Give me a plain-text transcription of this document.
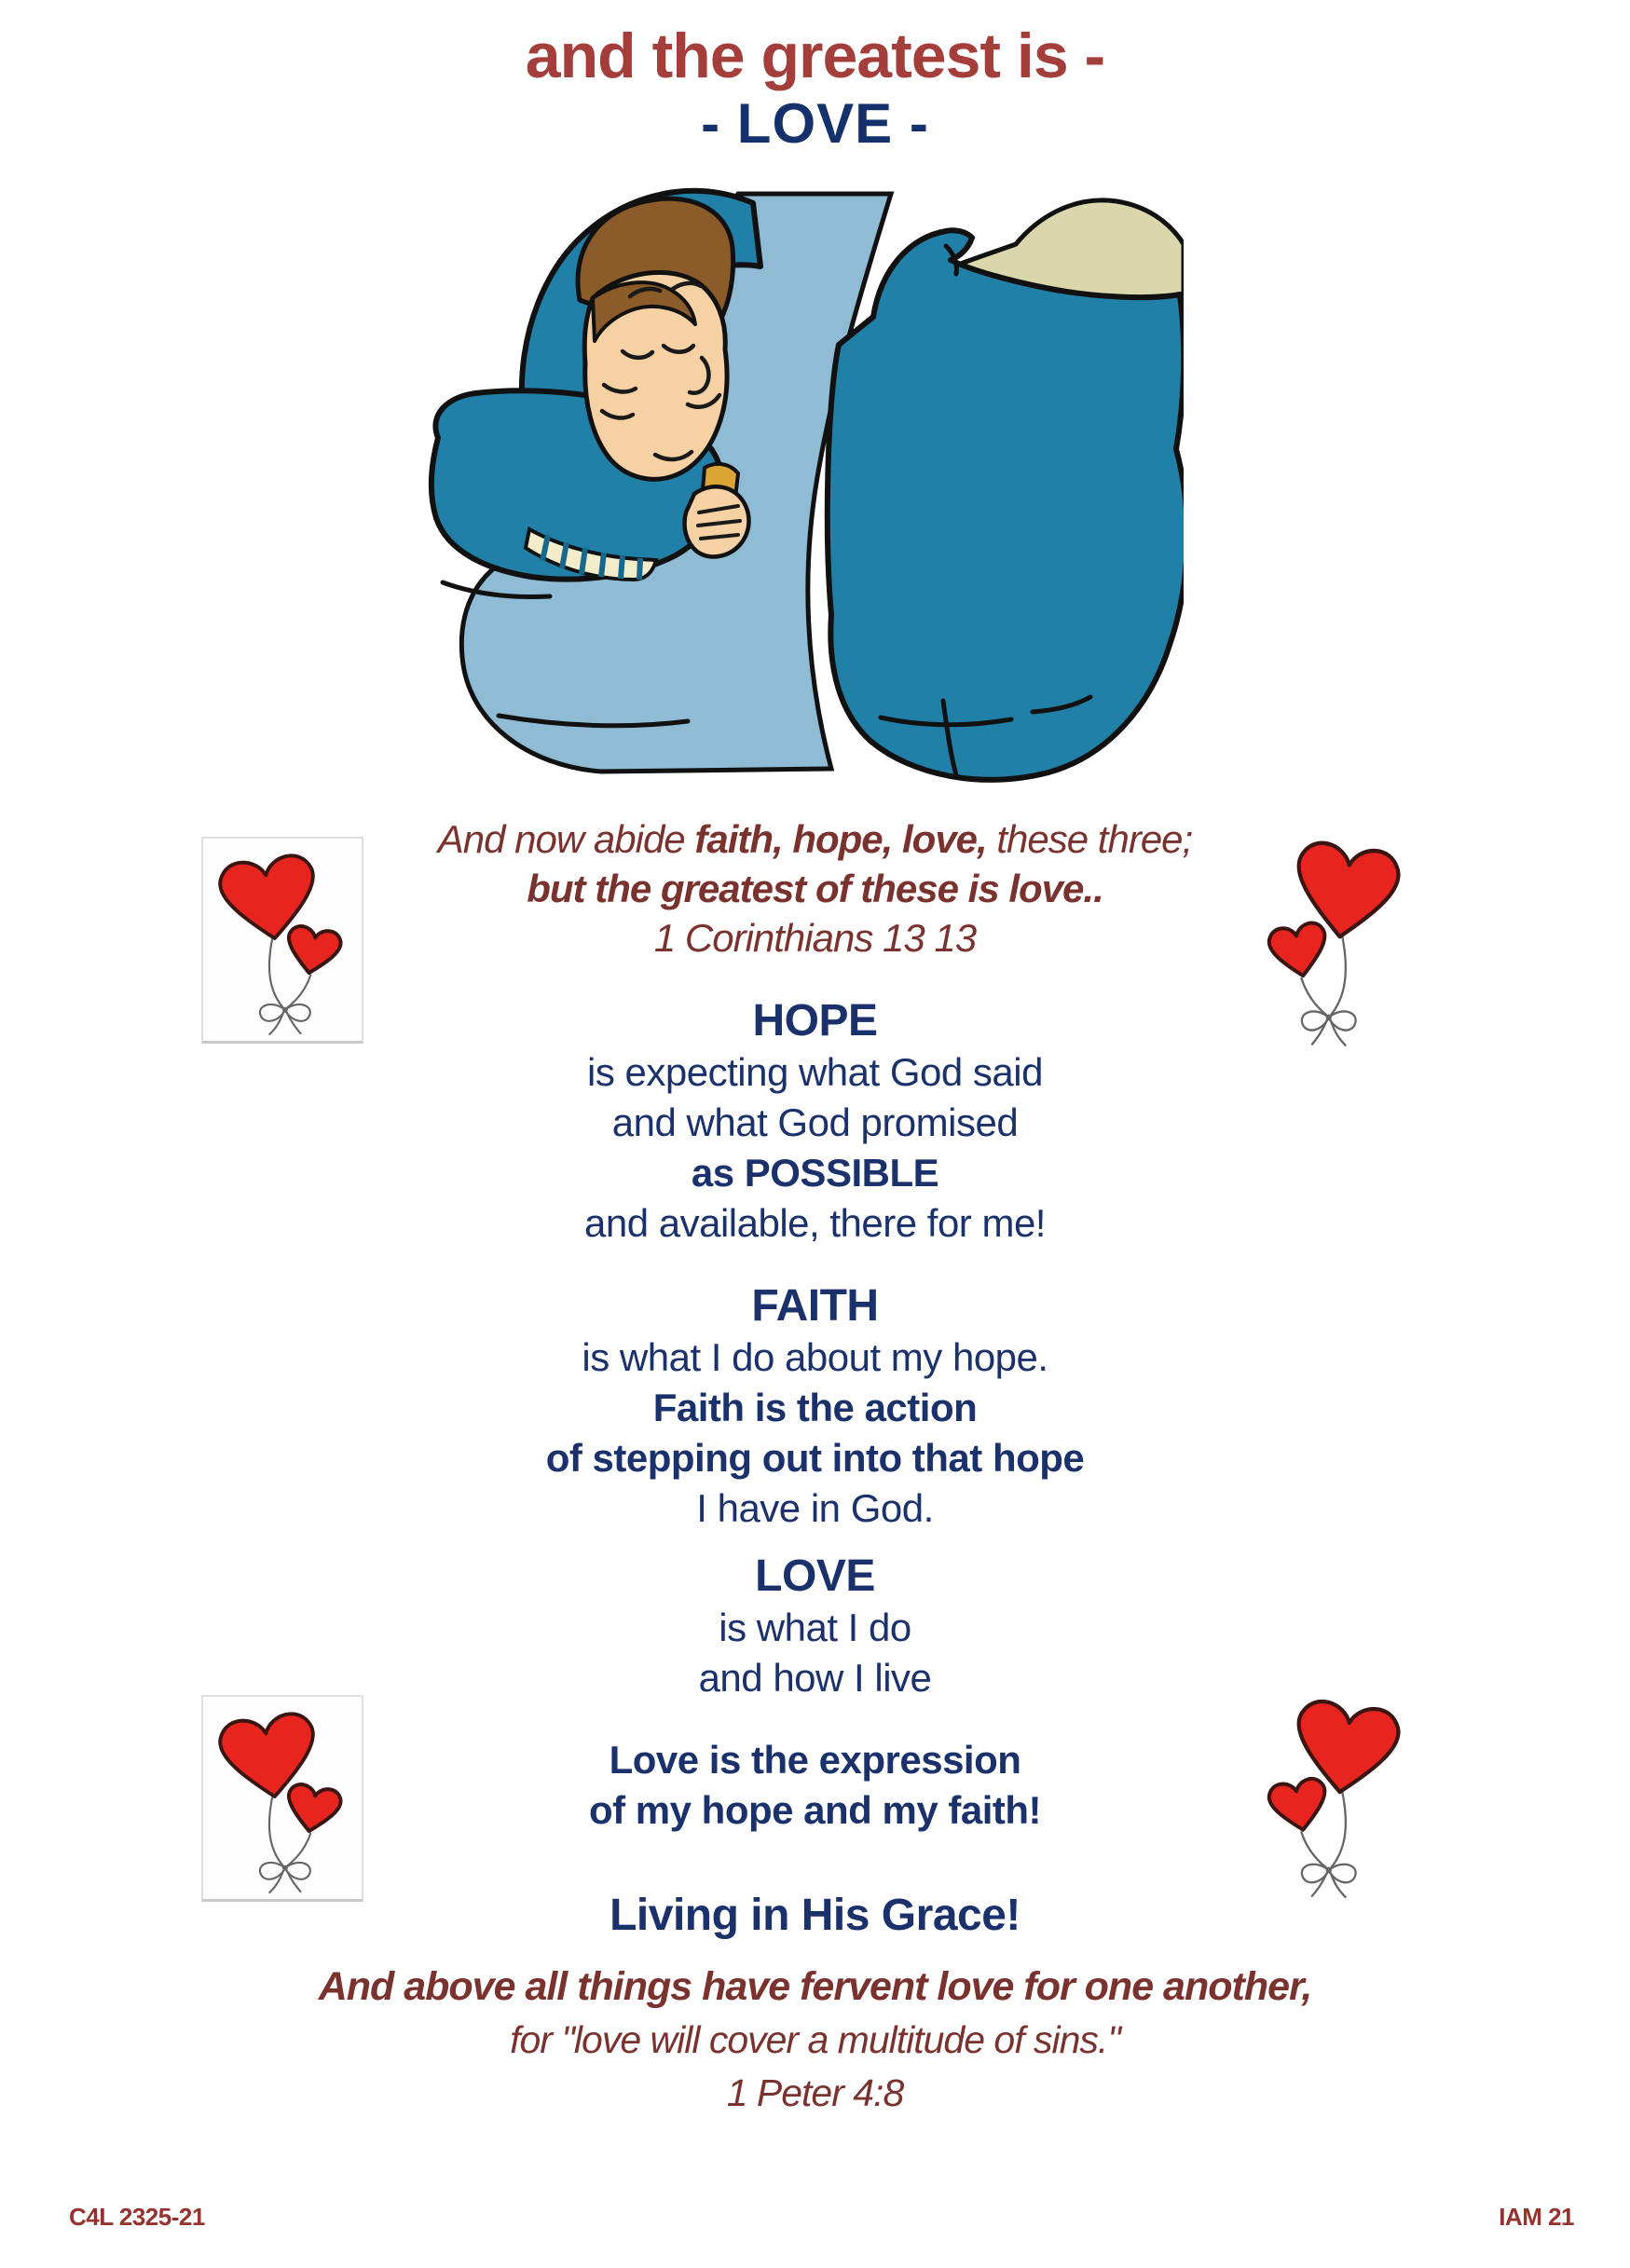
and the greatest is -
- LOVE -
And now abide faith, hope, love, these three;
but the greatest of these is love..
1 Corinthians 13 13
HOPE
is expecting what God said
and what God promised
as POSSIBLE
and available, there for me!
FAITH
is what I do about my hope.
Faith is the action
of stepping out into that hope
I have in God.
LOVE
is what I do
and how I live
Love is the expression
of my hope and my faith!
Living in His Grace!
And above all things have fervent love for one another,
for "love will cover a multitude of sins."
1 Peter 4:8
C4L 2325-21	IAM 21
